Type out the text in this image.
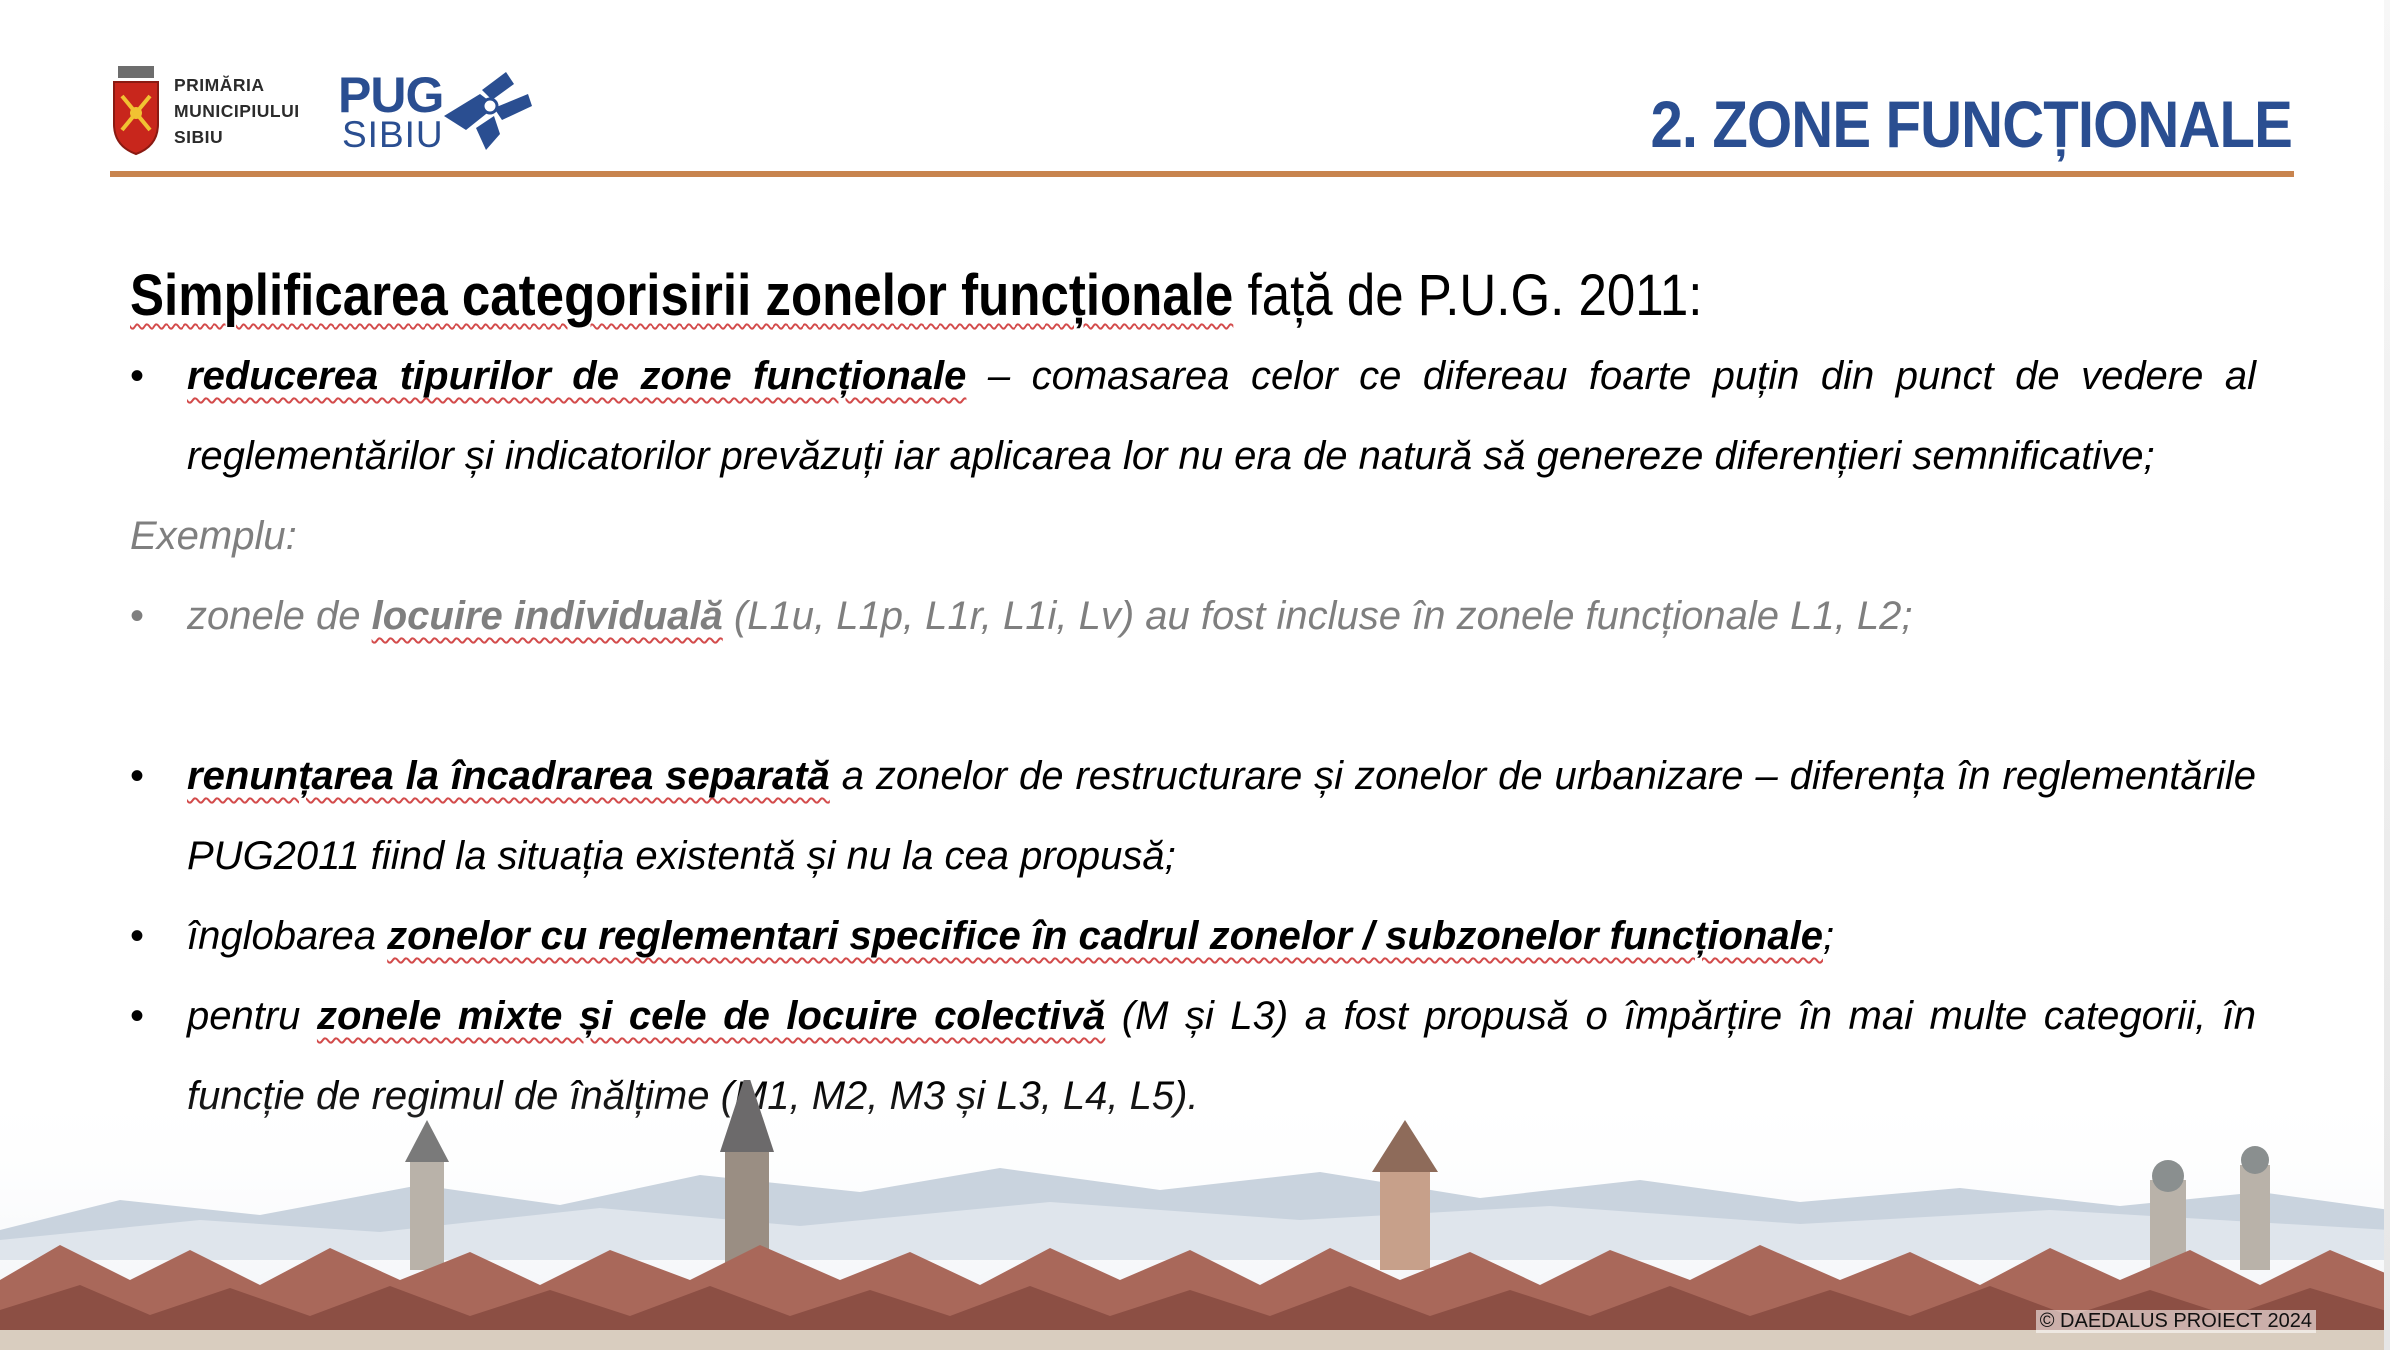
PRIMĂRIA
MUNICIPIULUI
SIBIU
PUG
SIBIU	2. ZONE FUNCȚIONALE
Simplificarea categorisirii zonelor funcționale față de P.U.G. 2011:
• reducerea tipurilor de zone funcționale – comasarea celor ce difereau foarte puțin din punct de vedere al reglementărilor și indicatorilor prevăzuți iar aplicarea lor nu era de natură să genereze diferențieri semnificative;
Exemplu:
• zonele de locuire individuală (L1u, L1p, L1r, L1i, Lv) au fost incluse în zonele funcționale L1, L2;
• renunțarea la încadrarea separată a zonelor de restructurare și zonelor de urbanizare – diferența în reglementările PUG2011 fiind la situația existentă și nu la cea propusă;
• înglobarea zonelor cu reglementari specifice în cadrul zonelor / subzonelor funcționale;
• pentru zonele mixte și cele de locuire colectivă (M și L3) a fost propusă o împărțire în mai multe categorii, în
© DAEDALUS PROIECT 2024
